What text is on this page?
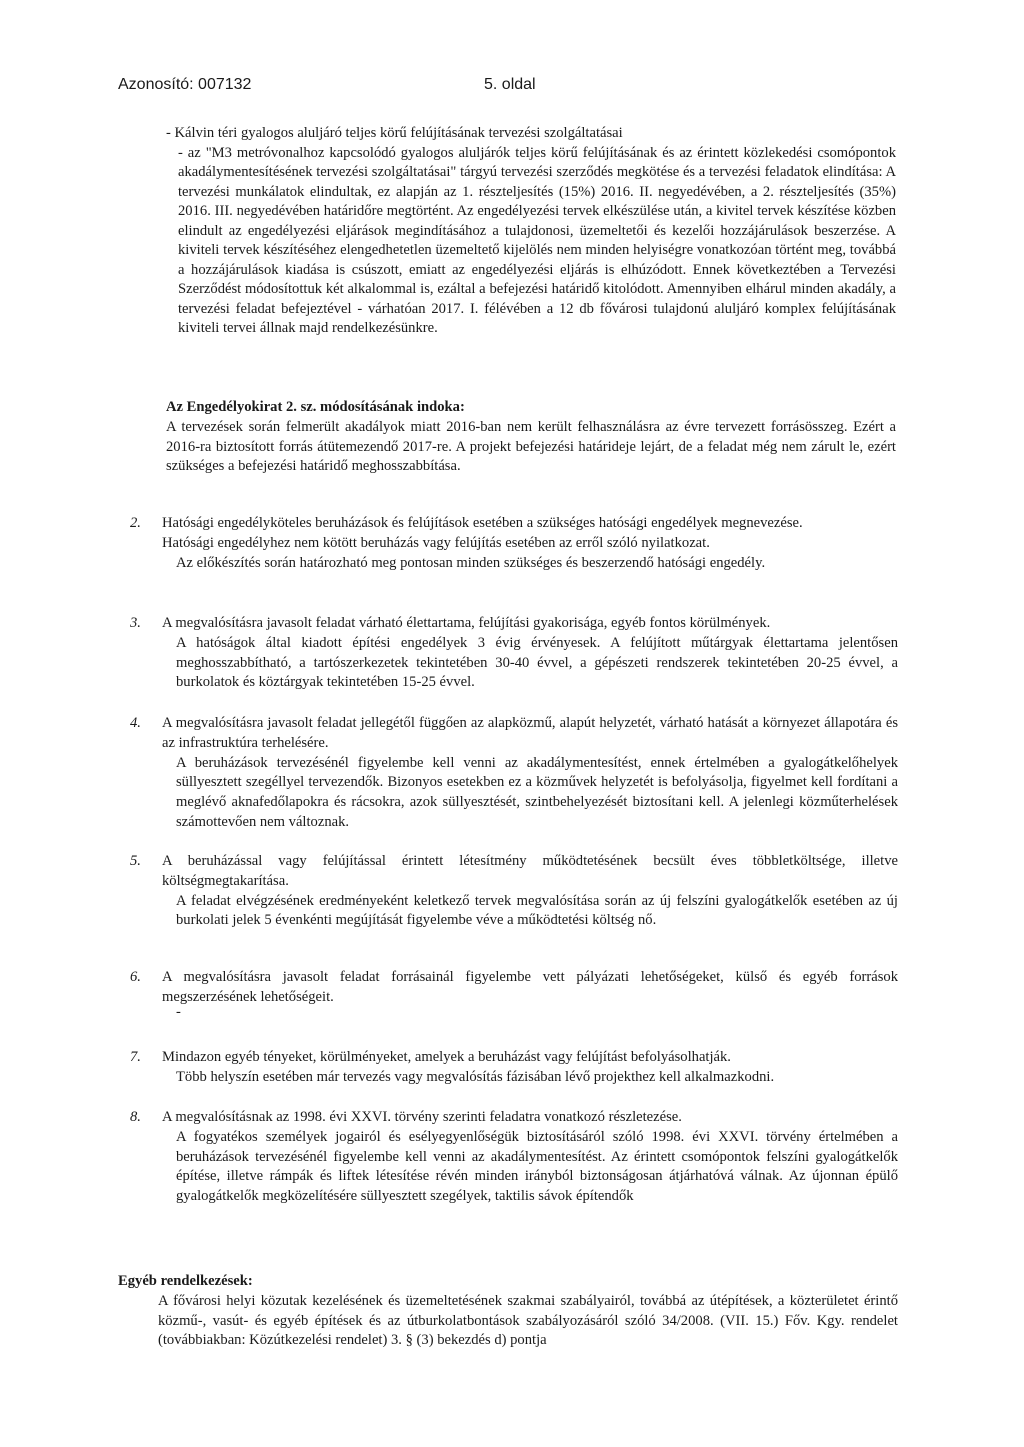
Azonosító: 007132	5. oldal

- Kálvin téri gyalogos aluljáró teljes körű felújításának tervezési szolgáltatásai

- az "M3 metróvonalhoz kapcsolódó gyalogos aluljárók teljes körű felújításának és az érintett közlekedési csomópontok akadálymentesítésének tervezési szolgáltatásai" tárgyú tervezési szerződés megkötése és a tervezési feladatok elindítása: A tervezési munkálatok elindultak, ez alapján az 1. részteljesítés (15%) 2016. II. negyedévében, a 2. részteljesítés (35%) 2016. III. negyedévében határidőre megtörtént. Az engedélyezési tervek elkészülése után, a kivitel tervek készítése közben elindult az engedélyezési eljárások megindításához a tulajdonosi, üzemeltetői és kezelői hozzájárulások beszerzése. A kiviteli tervek készítéséhez elengedhetetlen üzemeltető kijelölés nem minden helyiségre vonatkozóan történt meg, továbbá a hozzájárulások kiadása is csúszott, emiatt az engedélyezési eljárás is elhúzódott. Ennek következtében a Tervezési Szerződést módosítottuk két alkalommal is, ezáltal a befejezési határidő kitolódott. Amennyiben elhárul minden akadály, a tervezési feladat befejeztével - várhatóan 2017. I. félévében a 12 db fővárosi tulajdonú aluljáró komplex felújításának kiviteli tervei állnak majd rendelkezésünkre.

Az Engedélyokirat 2. sz. módosításának indoka:

A tervezések során felmerült akadályok miatt 2016-ban nem került felhasználásra az évre tervezett forrásösszeg. Ezért a 2016-ra biztosított forrás átütemezendő 2017-re. A projekt befejezési határideje lejárt, de a feladat még nem zárult le, ezért szükséges a befejezési határidő meghosszabbítása.

2. Hatósági engedélyköteles beruházások és felújítások esetében a szükséges hatósági engedélyek megnevezése.

Hatósági engedélyhez nem kötött beruházás vagy felújítás esetében az erről szóló nyilatkozat.

Az előkészítés során határozható meg pontosan minden szükséges és beszerzendő hatósági engedély.

3. A megvalósításra javasolt feladat várható élettartama, felújítási gyakorisága, egyéb fontos körülmények.

A hatóságok által kiadott építési engedélyek 3 évig érvényesek. A felújított műtárgyak élettartama jelentősen meghosszabbítható, a tartószerkezetek tekintetében 30-40 évvel, a gépészeti rendszerek tekintetében 20-25 évvel, a burkolatok és köztárgyak tekintetében 15-25 évvel.

4. A megvalósításra javasolt feladat jellegétől függően az alapközmű, alapút helyzetét, várható hatását a környezet állapotára és az infrastruktúra terhelésére.

A beruházások tervezésénél figyelembe kell venni az akadálymentesítést, ennek értelmében a gyalogátkelőhelyek süllyesztett szegéllyel tervezendők. Bizonyos esetekben ez a közművek helyzetét is befolyásolja, figyelmet kell fordítani a meglévő aknafedőlapokra és rácsokra, azok süllyesztését, szintbehelyezését biztosítani kell. A jelenlegi közműterhelések számottevően nem változnak.

5. A beruházással vagy felújítással érintett létesítmény működtetésének becsült éves többletköltsége, illetve költségmegtakarítása.

A feladat elvégzésének eredményeként keletkező tervek megvalósítása során az új felszíni gyalogátkelők esetében az új burkolati jelek 5 évenkénti megújítását figyelembe véve a működtetési költség nő.

6. A megvalósításra javasolt feladat forrásainál figyelembe vett pályázati lehetőségeket, külső és egyéb források megszerzésének lehetőségeit.

-
7. Mindazon egyéb tényeket, körülményeket, amelyek a beruházást vagy felújítást befolyásolhatják.

Több helyszín esetében már tervezés vagy megvalósítás fázisában lévő projekthez kell alkalmazkodni.

8. A megvalósításnak az 1998. évi XXVI. törvény szerinti feladatra vonatkozó részletezése.

A fogyatékos személyek jogairól és esélyegyenlőségük biztosításáról szóló 1998. évi XXVI. törvény értelmében a beruházások tervezésénél figyelembe kell venni az akadálymentesítést. Az érintett csomópontok felszíni gyalogátkelők építése, illetve rámpák és liftek létesítése révén minden irányból biztonságosan átjárhatóvá válnak. Az újonnan épülő gyalogátkelők megközelítésére süllyesztett szegélyek, taktilis sávok építendők

Egyéb rendelkezések:

A fővárosi helyi közutak kezelésének és üzemeltetésének szakmai szabályairól, továbbá az útépítések, a közterületet érintő közmű-, vasút- és egyéb építések és az útburkolatbontások szabályozásáról szóló 34/2008. (VII. 15.) Főv. Kgy. rendelet (továbbiakban: Közútkezelési rendelet) 3. § (3) bekezdés d) pontja
